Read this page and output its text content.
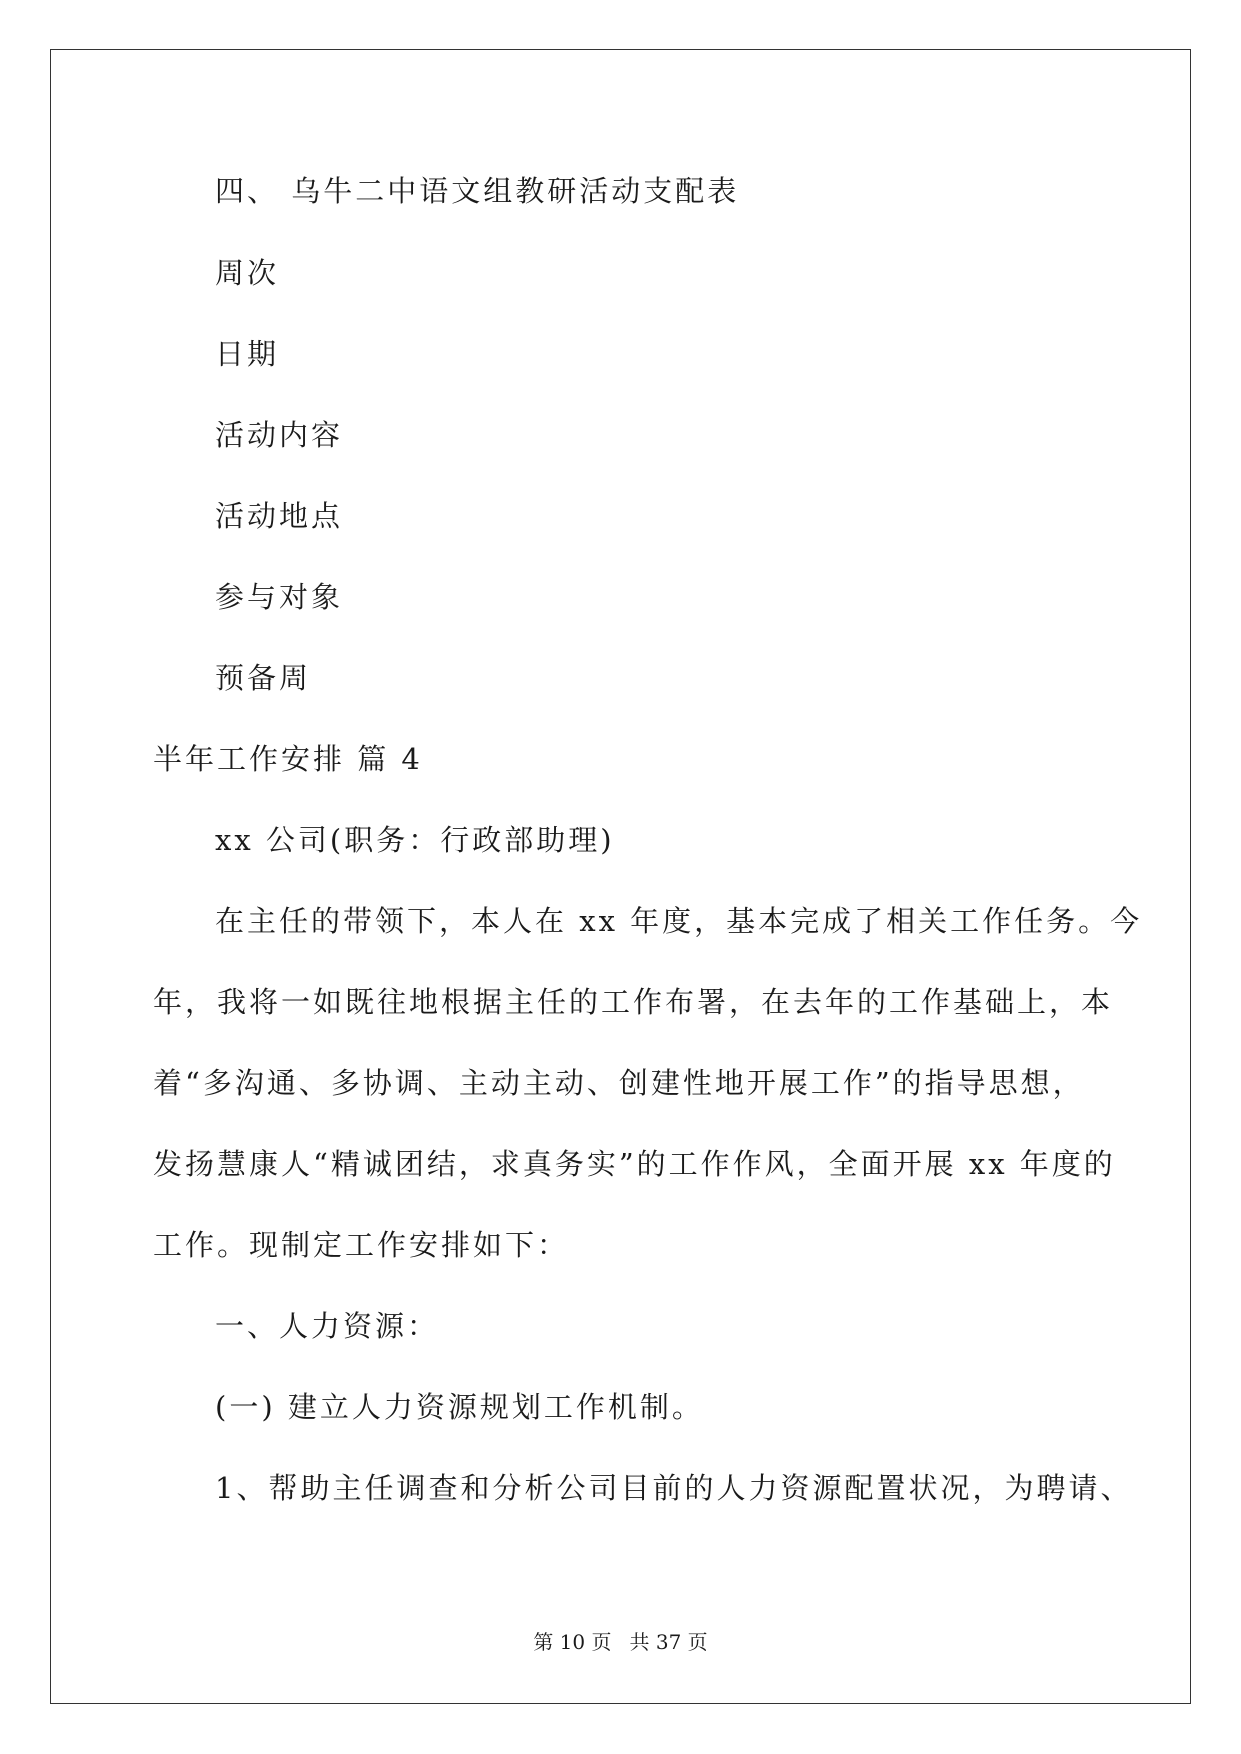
四、 乌牛二中语文组教研活动支配表
周次
日期
活动内容
活动地点
参与对象
预备周
半年工作安排 篇 4
xx 公司(职务：行政部助理)
在主任的带领下，本人在 xx 年度，基本完成了相关工作任务。今
年，我将一如既往地根据主任的工作布署，在去年的工作基础上，本
着“多沟通、多协调、主动主动、创建性地开展工作”的指导思想，
发扬慧康人“精诚团结，求真务实”的工作作风，全面开展 xx 年度的
工作。现制定工作安排如下：
一、人力资源：
(一) 建立人力资源规划工作机制。
1、帮助主任调查和分析公司目前的人力资源配置状况，为聘请、
第 10 页 共 37 页
